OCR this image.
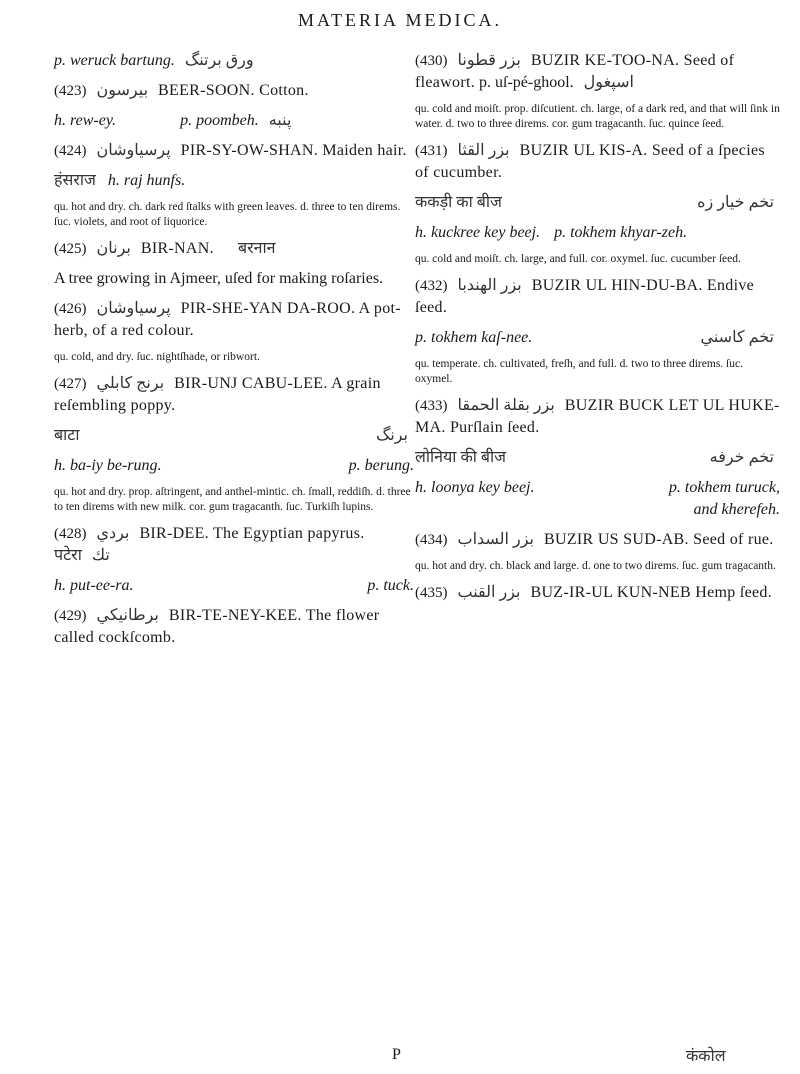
MATERIA MEDICA.
p. weruck bartung. ورق برتنگ
(423) بيرسون BEER-SOON. Cotton.
h. rew-ey.	p. poombeh. پنبه
(424) پرسياوشان PIR-SY-OW-SHAN. Maiden hair.
हंसराज h. raj hunfs.
qu. hot and dry. ch. dark red ſtalks with green leaves. d. three to ten direms. ſuc. violets, and root of liquorice.
(425) برنان BIR-NAN. बरनान
A tree growing in Ajmeer, uſed for making roſaries.
(426) پرسياوشان PIR-SHE-YAN DA-ROO. A pot-herb, of a red colour.
qu. cold, and dry. ſuc. nightſhade, or ribwort.
(427) برنج كابلي BIR-UNJ CABU-LEE. A grain reſembling poppy.
बाटा	برنگ
h. ba-iy be-rung.	p. berung.
qu. hot and dry. prop. aſtringent, and anthel-mintic. ch. ſmall, reddiſh. d. three to ten direms with new milk. cor. gum tragacanth. ſuc. Turkiſh lupins.
(428) بردي BIR-DEE. The Egyptian papyrus.
पटेरा تك
h. put-ee-ra.	p. tuck.
(429) برطانيكي BIR-TE-NEY-KEE. The flower called cockſcomb.
(430) بزر قطونا BUZIR KE-TOO-NA. Seed of fleawort. p. uſ-pé-ghool. اسپغول
qu. cold and moiſt. prop. diſcutient. ch. large, of a dark red, and that will ſink in water. d. two to three direms. cor. gum tragacanth. ſuc. quince ſeed.
(431) بزر القثا BUZIR UL KIS-A. Seed of a ſpecies of cucumber.
ककड़ी का बीज	تخم خيار زه
h. kuckree key beej. p. tokhem khyar-zeh.
qu. cold and moiſt. ch. large, and full. cor. oxymel. ſuc. cucumber ſeed.
(432) بزر الهندبا BUZIR UL HIN-DU-BA. Endive ſeed.
p. tokhem kaſ-nee.	تخم كاسني
qu. temperate. ch. cultivated, freſh, and full. d. two to three direms. ſuc. oxymel.
(433) بزر بقلة الحمقا BUZIR BUCK LET UL HUKE-MA. Purſlain ſeed.
लोनिया की बीज	تخم خرفه
h. loonya key beej.	p. tokhem turuck,
and kherefeh.
(434) بزر السداب BUZIR US SUD-AB. Seed of rue.
qu. hot and dry. ch. black and large. d. one to two direms. ſuc. gum tragacanth.
(435) بزر القنب BUZ-IR-UL KUN-NEB Hemp ſeed.
P	कंकोल
